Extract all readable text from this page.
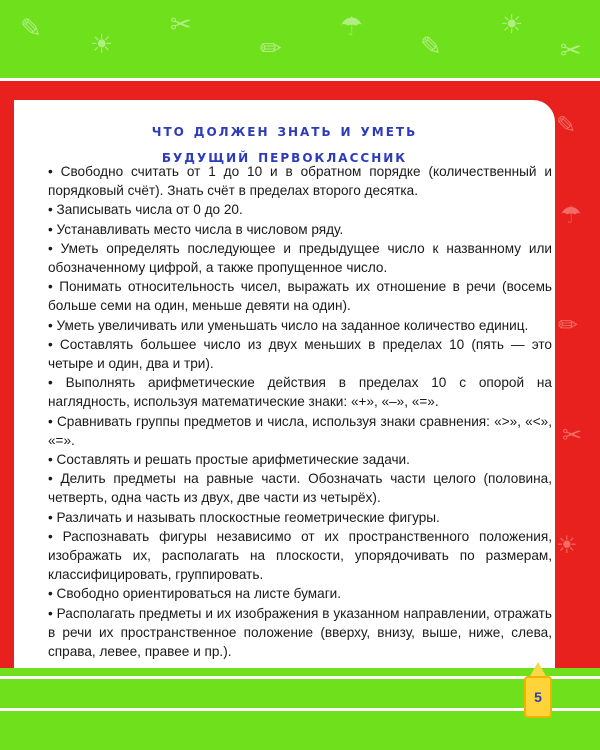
✎
☀
✂
✏
☂
✎
☀
✂
✎
☂
✏
✂
☀
что должен знать и уметь
будущий первоклассник

• Свободно считать от 1 до 10 и в обратном порядке (количественный и порядковый счёт). Знать счёт в пределах второго десятка.

• Записывать числа от 0 до 20.

• Устанавливать место числа в числовом ряду.

• Уметь определять последующее и предыдущее число к названному или обозначенному цифрой, а также пропущенное число.

• Понимать относительность чисел, выражать их отношение в речи (восемь больше семи на один, меньше девяти на один).

• Уметь увеличивать или уменьшать число на заданное количество единиц.

• Составлять большее число из двух меньших в пределах 10 (пять — это четыре и один, два и три).

• Выполнять арифметические действия в пределах 10 с опорой на наглядность, используя математические знаки: «+», «–», «=».

• Сравнивать группы предметов и числа, используя знаки сравнения: «>», «<», «=».

• Составлять и решать простые арифметические задачи.

• Делить предметы на равные части. Обозначать части целого (половина, четверть, одна часть из двух, две части из четырёх).

• Различать и называть плоскостные геометрические фигуры.

• Распознавать фигуры независимо от их пространственного положения, изображать их, располагать на плоскости, упорядочивать по размерам, классифицировать, группировать.

• Свободно ориентироваться на листе бумаги.

• Располагать предметы и их изображения в указанном направлении, отражать в речи их пространственное положение (вверху, внизу, выше, ниже, слева, справа, левее, правее и пр.).

5
